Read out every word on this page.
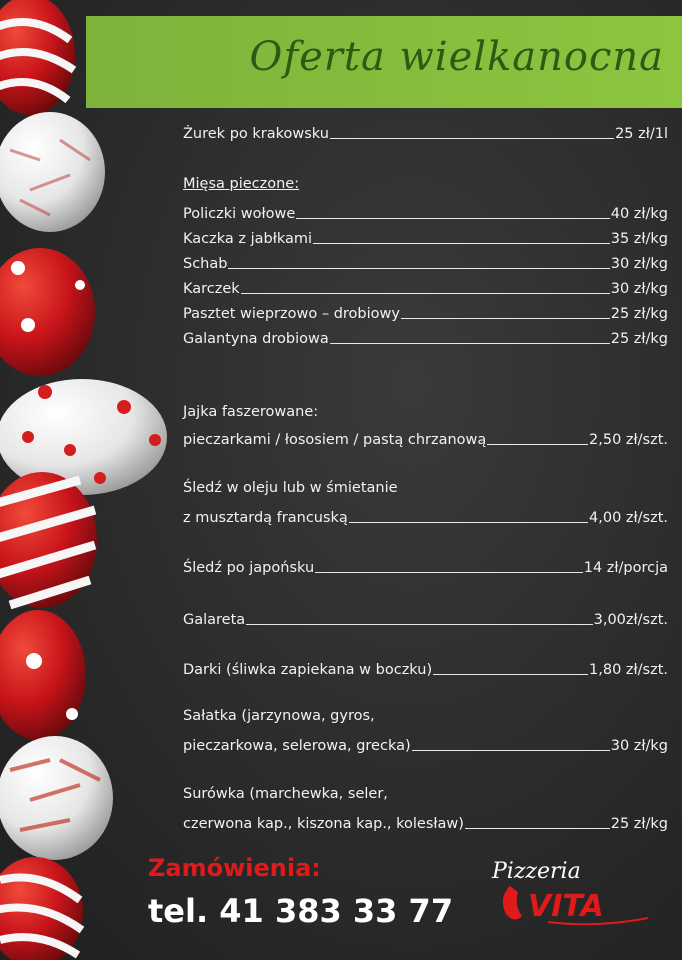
Oferta wielkanocna
Żurek po krakowsku	25 zł/1l
Mięsa pieczone:
Policzki wołowe	40 zł/kg
Kaczka z jabłkami	35 zł/kg
Schab	30 zł/kg
Karczek	30 zł/kg
Pasztet wieprzowo – drobiowy	25 zł/kg
Galantyna drobiowa	25 zł/kg
Jajka faszerowane:
pieczarkami / łososiem / pastą chrzanową	2,50 zł/szt.
Śledź w oleju lub w śmietanie
z musztardą francuską	4,00 zł/szt.
Śledź po japońsku	14 zł/porcja
Galareta	3,00zł/szt.
Darki (śliwka zapiekana w boczku)	1,80 zł/szt.
Sałatka (jarzynowa, gyros,
pieczarkowa, selerowa, grecka)	30 zł/kg
Surówka (marchewka, seler,
czerwona kap., kiszona kap., kolesław)	25 zł/kg
Zamówienia:
tel. 41 383 33 77
Pizzeria
VITA
